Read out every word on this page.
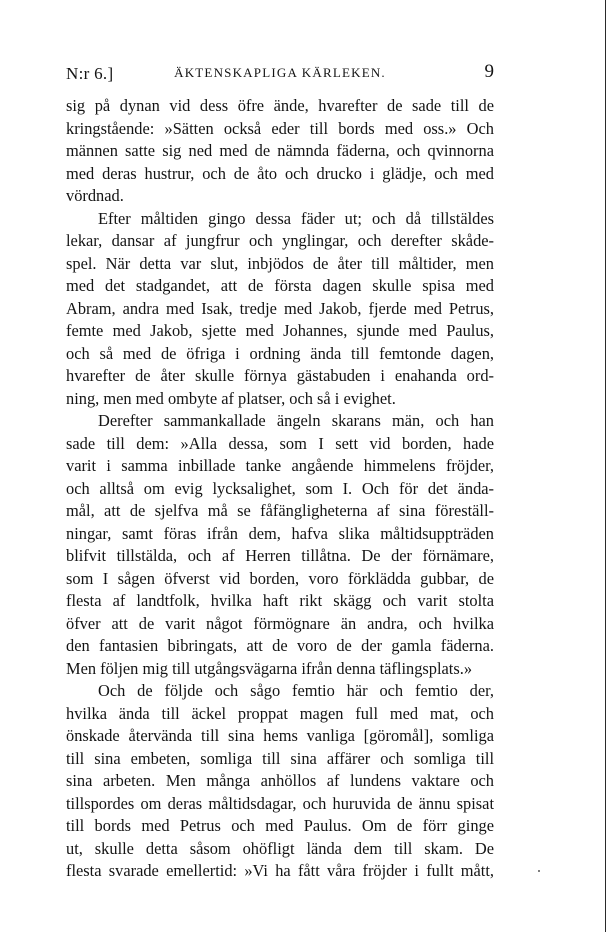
N:r 6.]	ÄKTENSKAPLIGA KÄRLEKEN.	9
sig på dynan vid dess öfre ände, hvarefter de sade till de
kringstående: »Sätten också eder till bords med oss.» Och
männen satte sig ned med de nämnda fäderna, och qvinnorna
med deras hustrur, och de åto och drucko i glädje, och med
vördnad.
Efter måltiden gingo dessa fäder ut; och då tillstäldes
lekar, dansar af jungfrur och ynglingar, och derefter skåde-
spel. När detta var slut, inbjödos de åter till måltider, men
med det stadgandet, att de första dagen skulle spisa med
Abram, andra med Isak, tredje med Jakob, fjerde med Petrus,
femte med Jakob, sjette med Johannes, sjunde med Paulus,
och så med de öfriga i ordning ända till femtonde dagen,
hvarefter de åter skulle förnya gästabuden i enahanda ord-
ning, men med ombyte af platser, och så i evighet.
Derefter sammankallade ängeln skarans män, och han
sade till dem: »Alla dessa, som I sett vid borden, hade
varit i samma inbillade tanke angående himmelens fröjder,
och alltså om evig lycksalighet, som I. Och för det ända-
mål, att de sjelfva må se fåfängligheterna af sina föreställ-
ningar, samt föras ifrån dem, hafva slika måltidsuppträden
blifvit tillstälda, och af Herren tillåtna. De der förnämare,
som I sågen öfverst vid borden, voro förklädda gubbar, de
flesta af landtfolk, hvilka haft rikt skägg och varit stolta
öfver att de varit något förmögnare än andra, och hvilka
den fantasien bibringats, att de voro de der gamla fäderna.
Men följen mig till utgångsvägarna ifrån denna täflingsplats.»
Och de följde och sågo femtio här och femtio der,
hvilka ända till äckel proppat magen full med mat, och
önskade återvända till sina hems vanliga [göromål], somliga
till sina embeten, somliga till sina affärer och somliga till
sina arbeten. Men många anhöllos af lundens vaktare och
tillspordes om deras måltidsdagar, och huruvida de ännu spisat
till bords med Petrus och med Paulus. Om de förr ginge
ut, skulle detta såsom ohöfligt lända dem till skam. De
flesta svarade emellertid: »Vi ha fått våra fröjder i fullt mått,
